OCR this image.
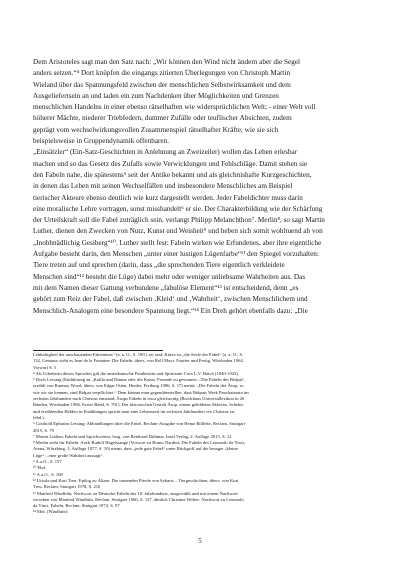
Dem Aristoteles sagt man den Satz nach: „Wir können den Wind nicht ändern aber die Segel
anders setzen.“⁴ Dort knüpfen die eingangs zitierten Überlegungen von Christoph Martin
Wieland über das Spannungsfeld zwischen der menschlichen Selbstwirksamkeit und dem
Ausgeliefertsein an und laden ein zum Nachdenken über Möglichkeiten und Grenzen
menschlichen Handelns in einer ebenso rätselhaften wie widersprüchlichen Welt; - einer Welt voll
höherer Mächte, niederer Triebfedern, dummer Zufälle oder teuflischer Absichten, zudem
geprägt vom wechselwirkungsvollen Zusammenspiel rätselhafter Kräfte, wie sie sich
beispielsweise in Gruppendynamik offenbaren.
„Einsätzler“ (Ein-Satz-Geschichten in Anlehnung an Zweizeiler) wollen das Leben erlesbar
machen und so das Gesetz des Zufalls sowie Verwicklungen und Fehlschläge. Damit stehen sie
den Fabeln nahe, die spätestens⁵ seit der Antike bekannt und als gleichnishafte Kurzgeschichten,
in denen das Leben mit seinen Wechselfällen und insbesondere Menschliches am Beispiel
tierischer Akteure ebenso deutlich wie kurz dargestellt werden. Jeder Fabeldichter muss darin
eine moralische Lehre vortragen, sonst misshandelt⁶ er sie. Der Charakterbildung wie der Schärfung
der Urteilskraft soll die Fabel zuträglich sein, verlangt Philipp Melanchthon⁷. Merlin⁸, so sagt Martin
Luther, dienen den Zwecken von Nutz, Kunst und Weisheit⁹ und heben sich somit wohltuend ab von
„Inobhnädlichig Gesiberg“¹⁰. Luther stellt fest: Fabeln wirken wie Erfundenes, aber ihre eigentliche
Aufgabe besteht darin, den Menschen „unter einer lustigen Lügenfarbe“¹¹ den Spiegel vorzuhalten:
Tiere treten auf und sprechen (darin, dass „die sprechenden Tiere eigentlich verkleidete
Menschen sind“¹² besteht die Lüge) dabei mehr oder weniger unliebsame Wahrheiten aus. Das
mit dem Namen dieser Gattung verbundene „fabulöse Element“¹³ ist entscheidend, denn „es
gehört zum Reiz der Fabel, daß zwischen ‚Kleid‘ und ‚Wahrheit‘, zwischen Menschlichem und
Menschlich-Analogem eine besondere Spannung liegt.“¹⁴ Ein Dreh gehört ebenfalls dazu: „Die
Lebhaftigkeit der anschauenden Erkenntnis“ (a. a. O., S. 100.) an, und: Kürze ist „die Seele der Fabel“ (a. a. O., S.
132. Genauso sieht es Jean de la Fontaine: Die Fabeln, übers. von Rolf Mayr, Fourier und Fertig, Wiesbaden 1964,
Vorwort S. 5
⁴ Als Urheberin dieses Spruches gilt die amerikanische Pantheistin und Spiritistin Cora L.V. Hatch (1840-1923).
⁵ Doris Lessing (Einführung zu „Kalila und Dimna oder die Kunst, Freunde zu gewinnen – Die Fabeln des Bidpai“,
erzählt von Ramsay Wood, übers. von Edgar Otten, Herder, Freiburg 1986, S. 17) meint: „Die Fabeln des Äsop, so
wie wir sie kennen, sind Bidpai verpflichtet.“ Dem könnte man gegenüberstellen, dass Bidpais Werk Panchatantra im
sechsten Jahrhundert nach Christus entstand, Äsops Fabeln in etwa gleichzeitig (Brockhaus Universallexikon in 26
Bänden, Wiesbaden 1966, Erster Band, S. 791). Der historischen Gestalt Äsop, einem gebildeten Sklaven, Schelm
und erzählenden Helden in Erzählungen spricht man eine Lebenszeit im sechsten Jahrhundert vor Christus zu
(ebd.).
⁶ Gotthold Ephraim Lessing: Abhandlungen über die Fabel, Reclam-Ausgabe von Heinz Rölleke, Reclam, Stuttgart
2015, S. 79
⁷ Martin Luthers Fabeln und Sprichwörter, hrsg. von Reinhard Dithmar, Insel Verlag, 2. Auflage 2015, S. 12
⁸ Merlin steht für Fabeln. Auch Rudolf Hagelstange (Vorwort zu Bruno Nardini: Die Fabeln des Leonardo da Vinci,
Arena, Würzburg, 3. Auflage 1977, S. 10) meint, dass „jede gute Fabel“ unter Rückgriff auf die besagte „kleine
Lüge“, „eine große Wahrheit aussagt“.
⁹ A.a.O., S. 157
¹⁰ Ebd.
¹¹ A.a.O., S. 160
¹² Ursula und Kurt Treu: Epilog zu Äliam: Die tausenden Pferde von Sybaris – Tiergeschichten, übers. von Kurt
Treu, Reclam, Stuttgart 1978, S. 210
¹³ Manfred Windfuhr, Nachwort zu Deutsche Fabeln des 18. Jahrhunderts, ausgewählt und mit einem Nachwort
versehen von Manfred Windfuhr, Reclam, Stuttgart 1960, S. 127, ähnlich Christine Wolter: Nachwort zu Leonardo
da Vinci, Fabeln, Reclam, Stuttgart 1974, S. 97
¹⁴ Ebd. (Windfuhr)
5
